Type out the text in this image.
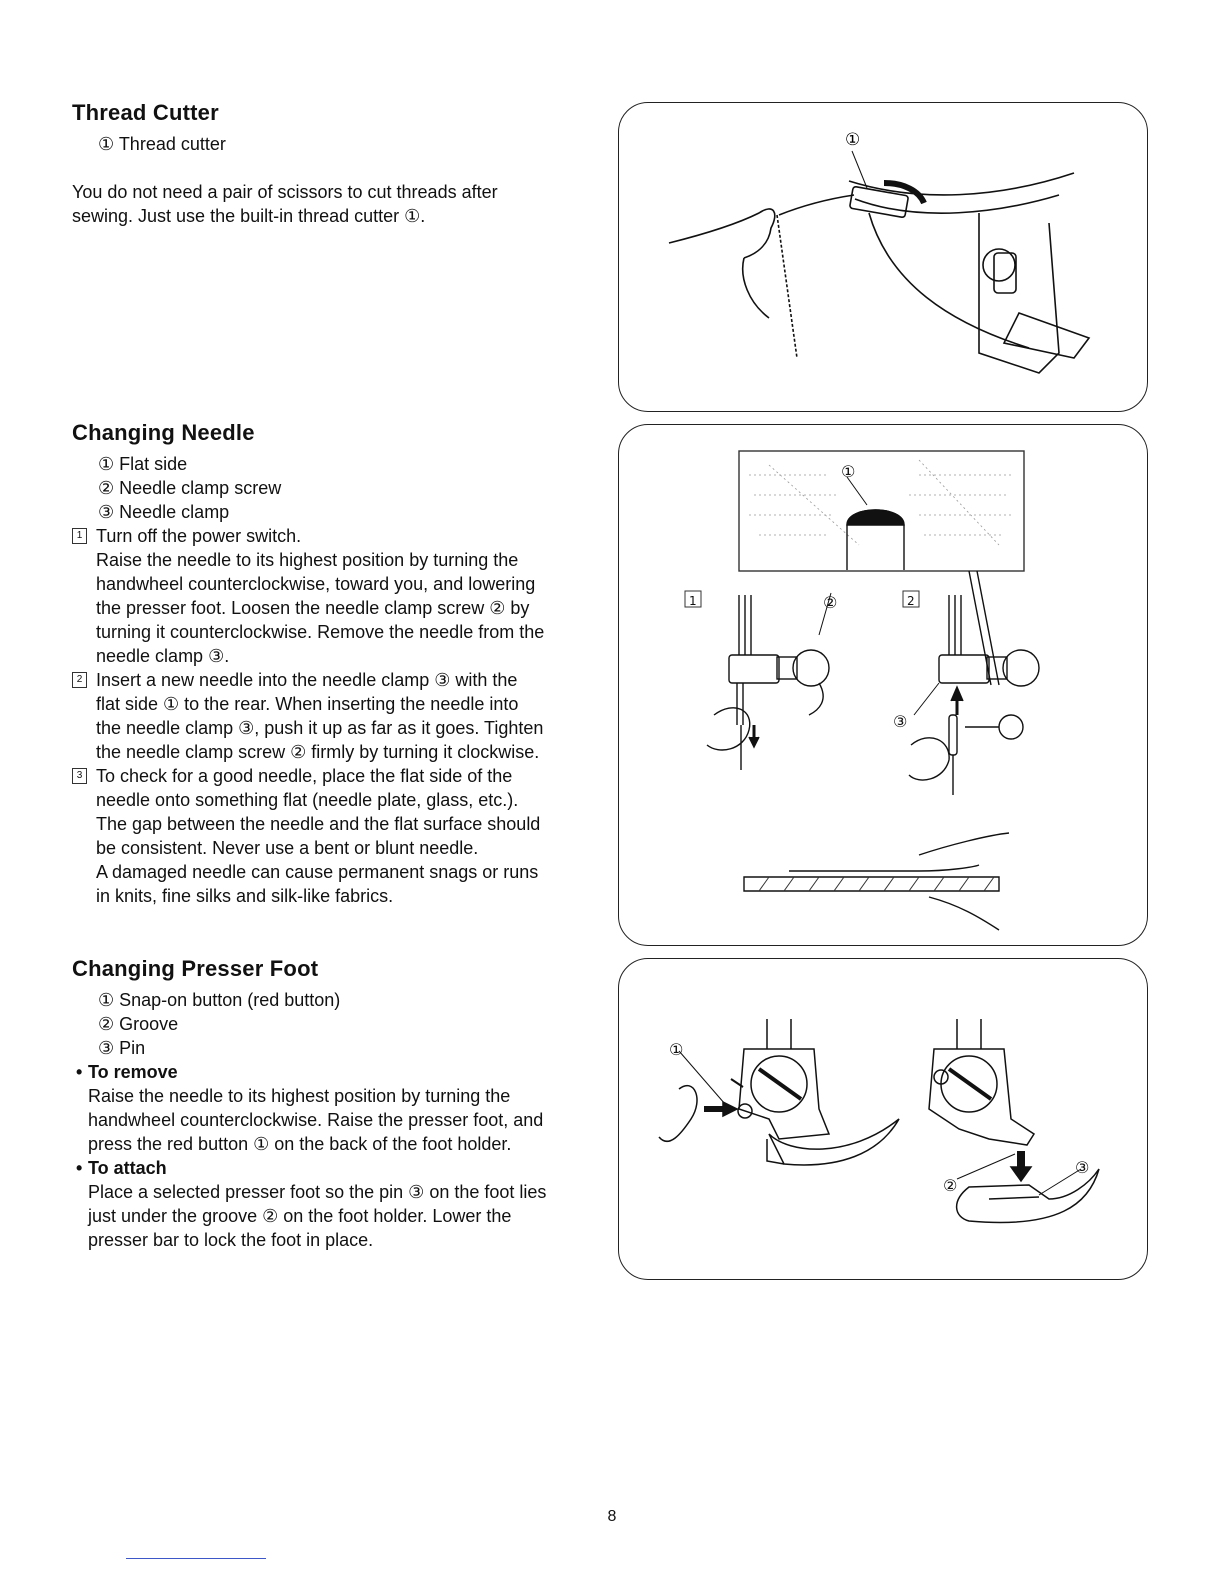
Thread Cutter

① Thread cutter

You do not need a pair of scissors to cut threads after

sewing. Just use the built-in thread cutter ①.

①
Changing Needle

① Flat side

② Needle clamp screw

③ Needle clamp

1 Turn off the power switch.

Raise the needle to its highest position by turning the

handwheel counterclockwise, toward you, and lowering

the presser foot. Loosen the needle clamp screw ② by

turning it counterclockwise. Remove the needle from the

needle clamp ③.

2 Insert a new needle into the needle clamp ③ with the

flat side ① to the rear. When inserting the needle into

the needle clamp ③, push it up as far as it goes. Tighten

the needle clamp screw ② firmly by turning it clockwise.

3 To check for a good needle, place the flat side of the

needle onto something flat (needle plate, glass, etc.).

The gap between the needle and the flat surface should

be consistent. Never use a bent or blunt needle.

A damaged needle can cause permanent snags or runs

in knits, fine silks and silk-like fabrics.

①
1	②	2
③
Changing Presser Foot

① Snap-on button (red button)

② Groove

③ Pin

• To remove

Raise the needle to its highest position by turning the

handwheel counterclockwise. Raise the presser foot, and

press the red button ① on the back of the foot holder.

• To attach

Place a selected presser foot so the pin ③ on the foot lies

just under the groove ② on the foot holder. Lower the

presser bar to lock the foot in place.

①
②
③
8
